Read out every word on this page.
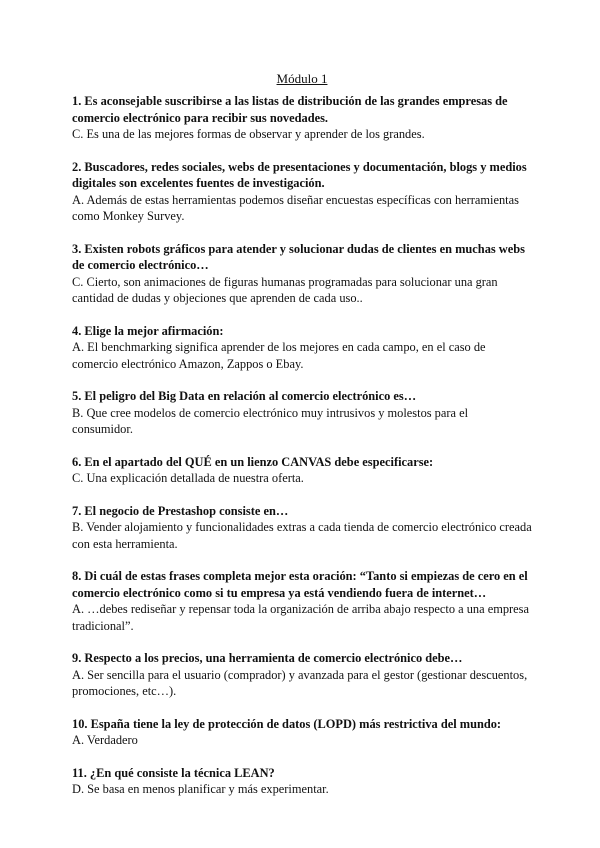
Módulo 1

1. Es aconsejable suscribirse a las listas de distribución de las grandes empresas de comercio electrónico para recibir sus novedades.

C. Es una de las mejores formas de observar y aprender de los grandes.

2. Buscadores, redes sociales, webs de presentaciones y documentación, blogs y medios digitales son excelentes fuentes de investigación.

A. Además de estas herramientas podemos diseñar encuestas específicas con herramientas como Monkey Survey.

3. Existen robots gráficos para atender y solucionar dudas de clientes en muchas webs de comercio electrónico…

C. Cierto, son animaciones de figuras humanas programadas para solucionar una gran cantidad de dudas y objeciones que aprenden de cada uso..

4. Elige la mejor afirmación:

A. El benchmarking significa aprender de los mejores en cada campo, en el caso de comercio electrónico Amazon, Zappos o Ebay.

5. El peligro del Big Data en relación al comercio electrónico es…

B. Que cree modelos de comercio electrónico muy intrusivos y molestos para el consumidor.

6. En el apartado del QUÉ en un lienzo CANVAS debe especificarse:

C. Una explicación detallada de nuestra oferta.

7. El negocio de Prestashop consiste en…

B. Vender alojamiento y funcionalidades extras a cada tienda de comercio electrónico creada con esta herramienta.

8. Di cuál de estas frases completa mejor esta oración: “Tanto si empiezas de cero en el comercio electrónico como si tu empresa ya está vendiendo fuera de internet…

A. …debes rediseñar y repensar toda la organización de arriba abajo respecto a una empresa tradicional”.

9. Respecto a los precios, una herramienta de comercio electrónico debe…

A. Ser sencilla para el usuario (comprador) y avanzada para el gestor (gestionar descuentos, promociones, etc…).

10. España tiene la ley de protección de datos (LOPD) más restrictiva del mundo:

A. Verdadero

11. ¿En qué consiste la técnica LEAN?

D. Se basa en menos planificar y más experimentar.
